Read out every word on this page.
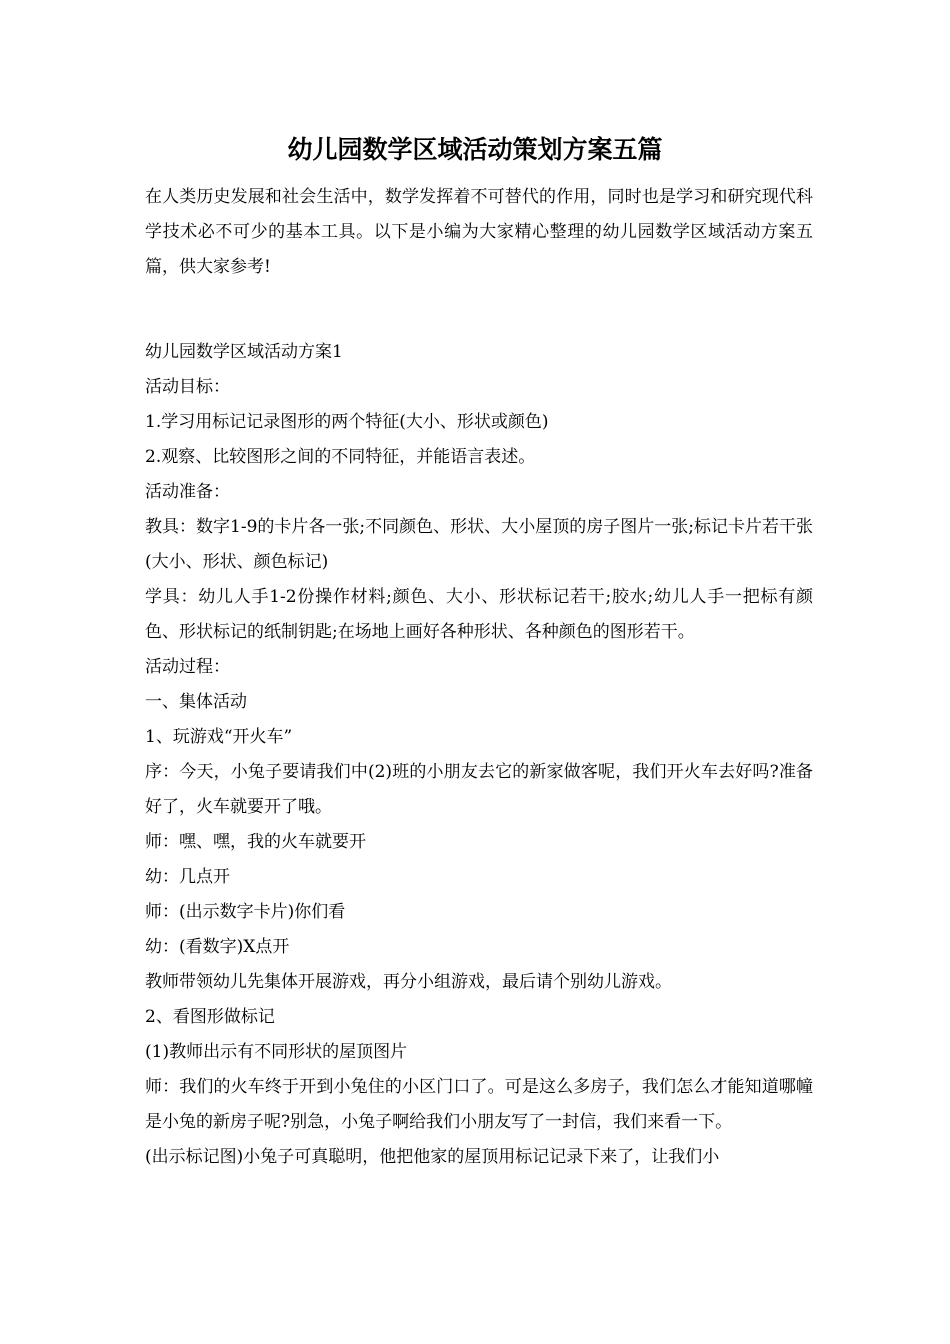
幼儿园数学区域活动策划方案五篇

在人类历史发展和社会生活中，数学发挥着不可替代的作用，同时也是学习和研究现代科学技术必不可少的基本工具。以下是小编为大家精心整理的幼儿园数学区域活动方案五篇，供大家参考!

幼儿园数学区域活动方案1

活动目标：

1.学习用标记记录图形的两个特征(大小、形状或颜色)

2.观察、比较图形之间的不同特征，并能语言表述。

活动准备：

教具：数字1-9的卡片各一张;不同颜色、形状、大小屋顶的房子图片一张;标记卡片若干张(大小、形状、颜色标记)

学具：幼儿人手1-2份操作材料;颜色、大小、形状标记若干;胶水;幼儿人手一把标有颜色、形状标记的纸制钥匙;在场地上画好各种形状、各种颜色的图形若干。

活动过程：

一、集体活动

1、玩游戏“开火车”

序：今天，小兔子要请我们中(2)班的小朋友去它的新家做客呢，我们开火车去好吗?准备好了，火车就要开了哦。

师：嘿、嘿，我的火车就要开

幼：几点开

师：(出示数字卡片)你们看

幼：(看数字)X点开

教师带领幼儿先集体开展游戏，再分小组游戏，最后请个别幼儿游戏。

2、看图形做标记

(1)教师出示有不同形状的屋顶图片

师：我们的火车终于开到小兔住的小区门口了。可是这么多房子，我们怎么才能知道哪幢是小兔的新房子呢?别急，小兔子啊给我们小朋友写了一封信，我们来看一下。

(出示标记图)小兔子可真聪明，他把他家的屋顶用标记记录下来了，让我们小
